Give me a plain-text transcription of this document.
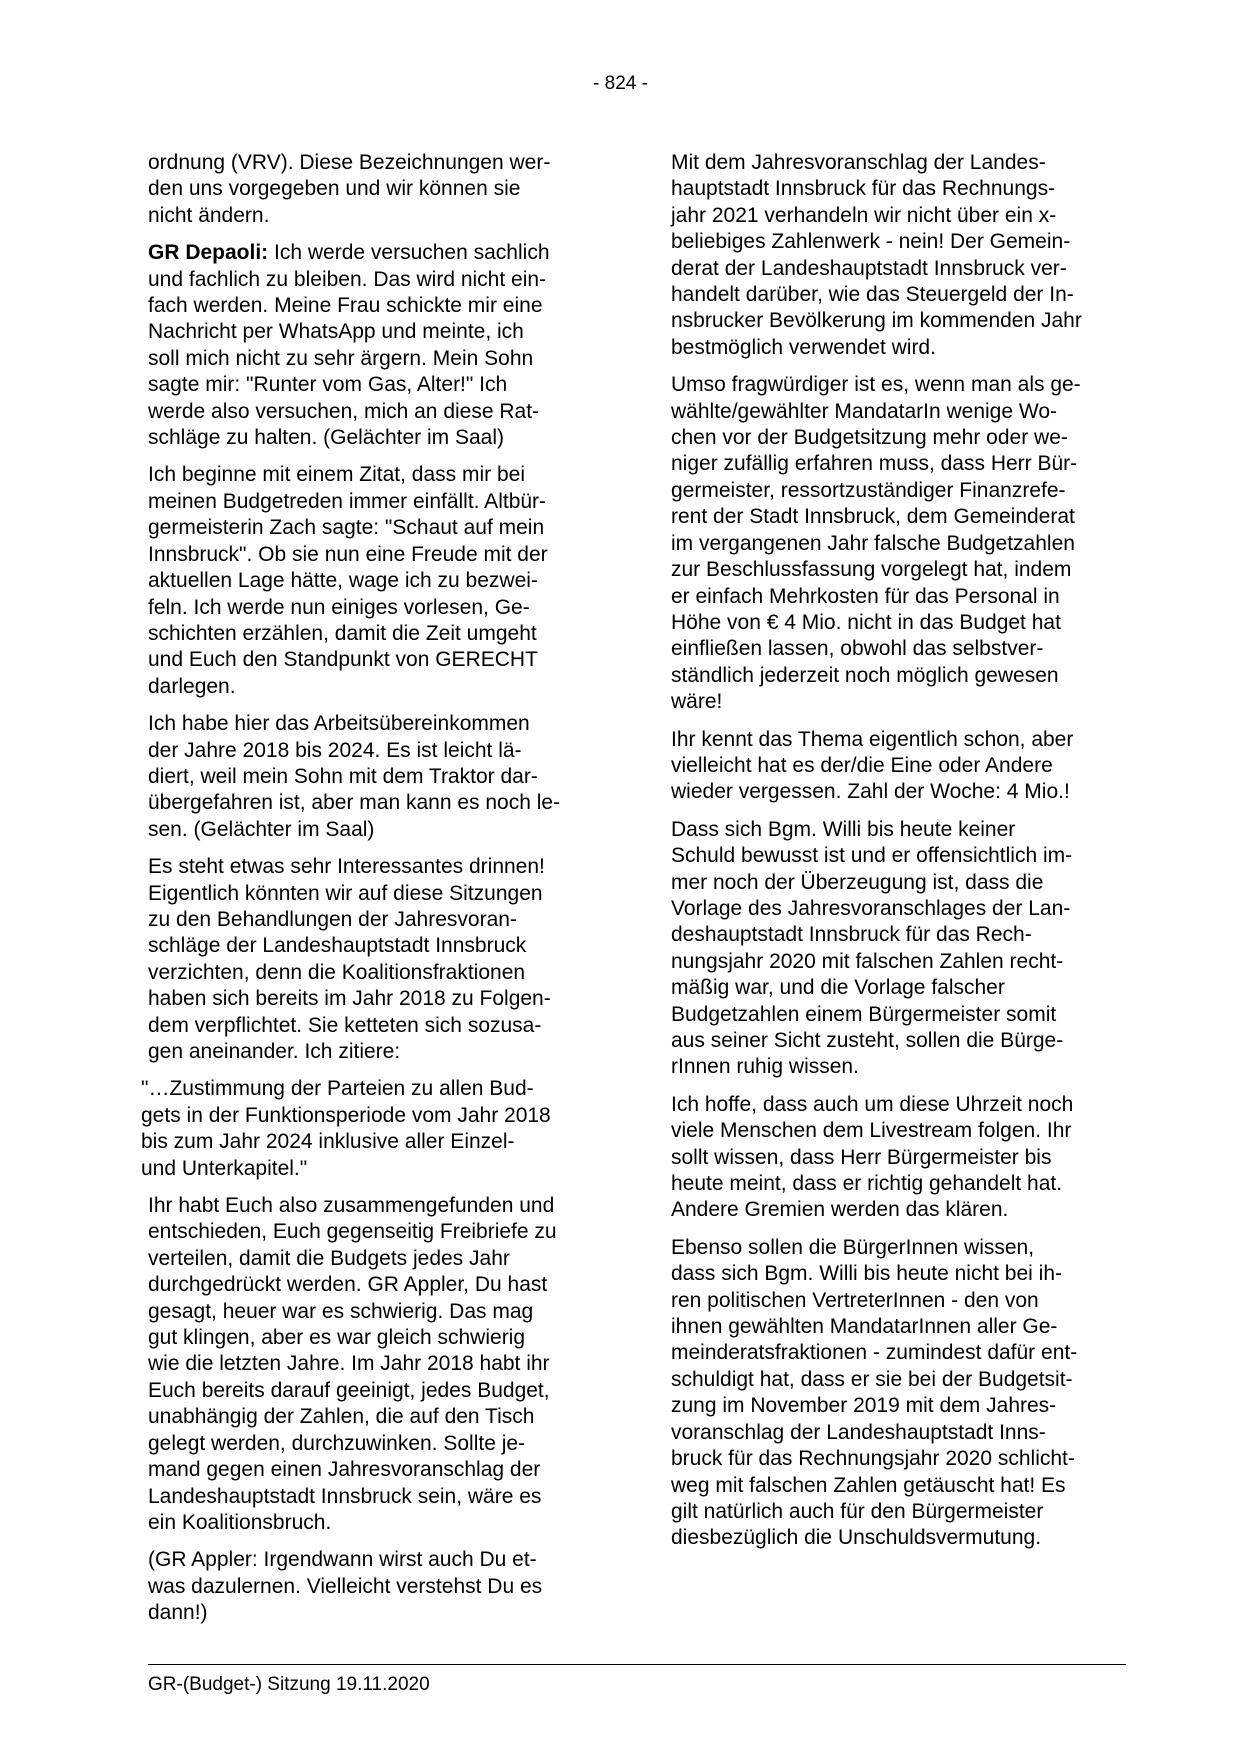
- 824 -

ordnung (VRV). Diese Bezeichnungen wer-
den uns vorgegeben und wir können sie
nicht ändern.

GR Depaoli: Ich werde versuchen sachlich
und fachlich zu bleiben. Das wird nicht ein-
fach werden. Meine Frau schickte mir eine
Nachricht per WhatsApp und meinte, ich
soll mich nicht zu sehr ärgern. Mein Sohn
sagte mir: "Runter vom Gas, Alter!" Ich
werde also versuchen, mich an diese Rat-
schläge zu halten. (Gelächter im Saal)

Ich beginne mit einem Zitat, dass mir bei
meinen Budgetreden immer einfällt. Altbür-
germeisterin Zach sagte: "Schaut auf mein
Innsbruck". Ob sie nun eine Freude mit der
aktuellen Lage hätte, wage ich zu bezwei-
feln. Ich werde nun einiges vorlesen, Ge-
schichten erzählen, damit die Zeit umgeht
und Euch den Standpunkt von GERECHT
darlegen.

Ich habe hier das Arbeitsübereinkommen
der Jahre 2018 bis 2024. Es ist leicht lä-
diert, weil mein Sohn mit dem Traktor dar-
übergefahren ist, aber man kann es noch le-
sen. (Gelächter im Saal)

Es steht etwas sehr Interessantes drinnen!
Eigentlich könnten wir auf diese Sitzungen
zu den Behandlungen der Jahresvoran-
schläge der Landeshauptstadt Innsbruck
verzichten, denn die Koalitionsfraktionen
haben sich bereits im Jahr 2018 zu Folgen-
dem verpflichtet. Sie ketteten sich sozusa-
gen aneinander. Ich zitiere:

"…Zustimmung der Parteien zu allen Bud-
gets in der Funktionsperiode vom Jahr 2018
bis zum Jahr 2024 inklusive aller Einzel-
und Unterkapitel."

Ihr habt Euch also zusammengefunden und
entschieden, Euch gegenseitig Freibriefe zu
verteilen, damit die Budgets jedes Jahr
durchgedrückt werden. GR Appler, Du hast
gesagt, heuer war es schwierig. Das mag
gut klingen, aber es war gleich schwierig
wie die letzten Jahre. Im Jahr 2018 habt ihr
Euch bereits darauf geeinigt, jedes Budget,
unabhängig der Zahlen, die auf den Tisch
gelegt werden, durchzuwinken. Sollte je-
mand gegen einen Jahresvoranschlag der
Landeshauptstadt Innsbruck sein, wäre es
ein Koalitionsbruch.

(GR Appler: Irgendwann wirst auch Du et-
was dazulernen. Vielleicht verstehst Du es
dann!)

Mit dem Jahresvoranschlag der Landes-
hauptstadt Innsbruck für das Rechnungs-
jahr 2021 verhandeln wir nicht über ein x-
beliebiges Zahlenwerk - nein! Der Gemein-
derat der Landeshauptstadt Innsbruck ver-
handelt darüber, wie das Steuergeld der In-
nsbrucker Bevölkerung im kommenden Jahr
bestmöglich verwendet wird.

Umso fragwürdiger ist es, wenn man als ge-
wählte/gewählter MandatarIn wenige Wo-
chen vor der Budgetsitzung mehr oder we-
niger zufällig erfahren muss, dass Herr Bür-
germeister, ressortzuständiger Finanzrefe-
rent der Stadt Innsbruck, dem Gemeinderat
im vergangenen Jahr falsche Budgetzahlen
zur Beschlussfassung vorgelegt hat, indem
er einfach Mehrkosten für das Personal in
Höhe von € 4 Mio. nicht in das Budget hat
einfließen lassen, obwohl das selbstver-
ständlich jederzeit noch möglich gewesen
wäre!

Ihr kennt das Thema eigentlich schon, aber
vielleicht hat es der/die Eine oder Andere
wieder vergessen. Zahl der Woche: 4 Mio.!

Dass sich Bgm. Willi bis heute keiner
Schuld bewusst ist und er offensichtlich im-
mer noch der Überzeugung ist, dass die
Vorlage des Jahresvoranschlages der Lan-
deshauptstadt Innsbruck für das Rech-
nungsjahr 2020 mit falschen Zahlen recht-
mäßig war, und die Vorlage falscher
Budgetzahlen einem Bürgermeister somit
aus seiner Sicht zusteht, sollen die Bürge-
rInnen ruhig wissen.

Ich hoffe, dass auch um diese Uhrzeit noch
viele Menschen dem Livestream folgen. Ihr
sollt wissen, dass Herr Bürgermeister bis
heute meint, dass er richtig gehandelt hat.
Andere Gremien werden das klären.

Ebenso sollen die BürgerInnen wissen,
dass sich Bgm. Willi bis heute nicht bei ih-
ren politischen VertreterInnen - den von
ihnen gewählten MandatarInnen aller Ge-
meinderatsfraktionen - zumindest dafür ent-
schuldigt hat, dass er sie bei der Budgetsit-
zung im November 2019 mit dem Jahres-
voranschlag der Landeshauptstadt Inns-
bruck für das Rechnungsjahr 2020 schlicht-
weg mit falschen Zahlen getäuscht hat! Es
gilt natürlich auch für den Bürgermeister
diesbezüglich die Unschuldsvermutung.

GR-(Budget-) Sitzung 19.11.2020
